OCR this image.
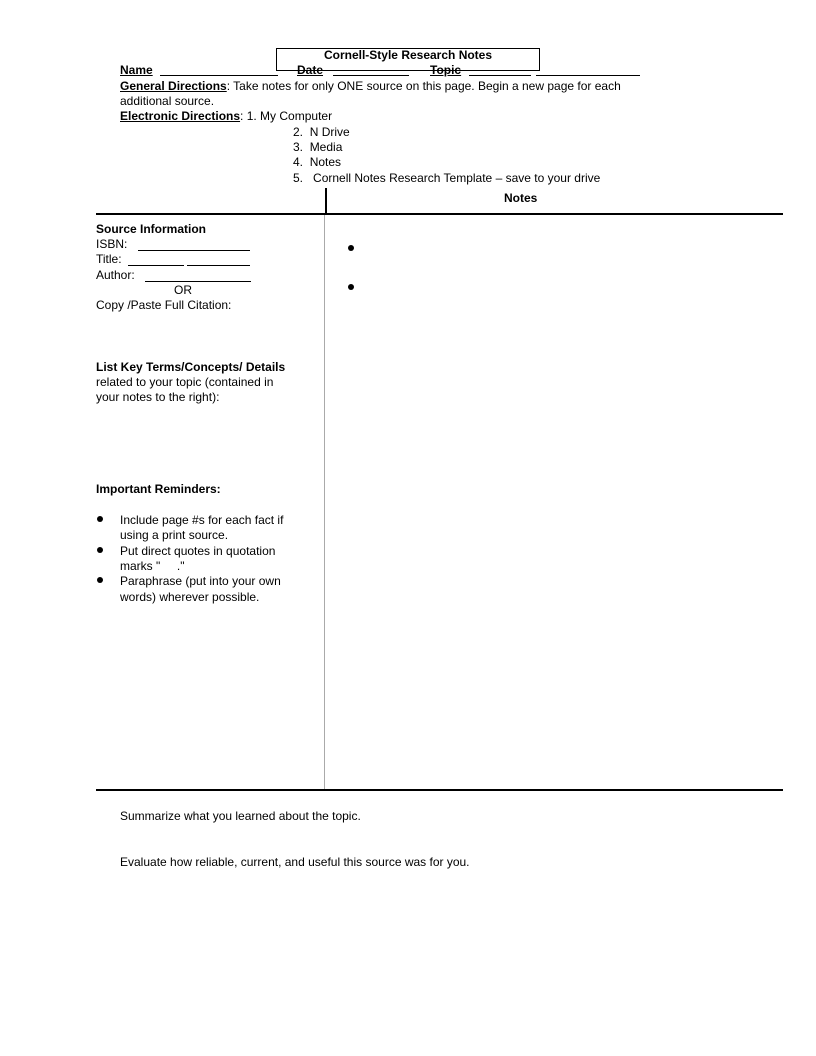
Cornell-Style Research Notes
Name	Date	Topic
General Directions: Take notes for only ONE source on this page. Begin a new page for each
additional source.
Electronic Directions: 1. My Computer
2. N Drive
3. Media
4. Notes
5. Cornell Notes Research Template – save to your drive
Notes
Source Information
ISBN:
Title:
Author:
OR
Copy /Paste Full Citation:
List Key Terms/Concepts/ Details
related to your topic (contained in
your notes to the right):
Important Reminders:
Include page #s for each fact if
using a print source.
Put direct quotes in quotation
marks "     ."
Paraphrase (put into your own
words) wherever possible.
Summarize what you learned about the topic.
Evaluate how reliable, current, and useful this source was for you.
